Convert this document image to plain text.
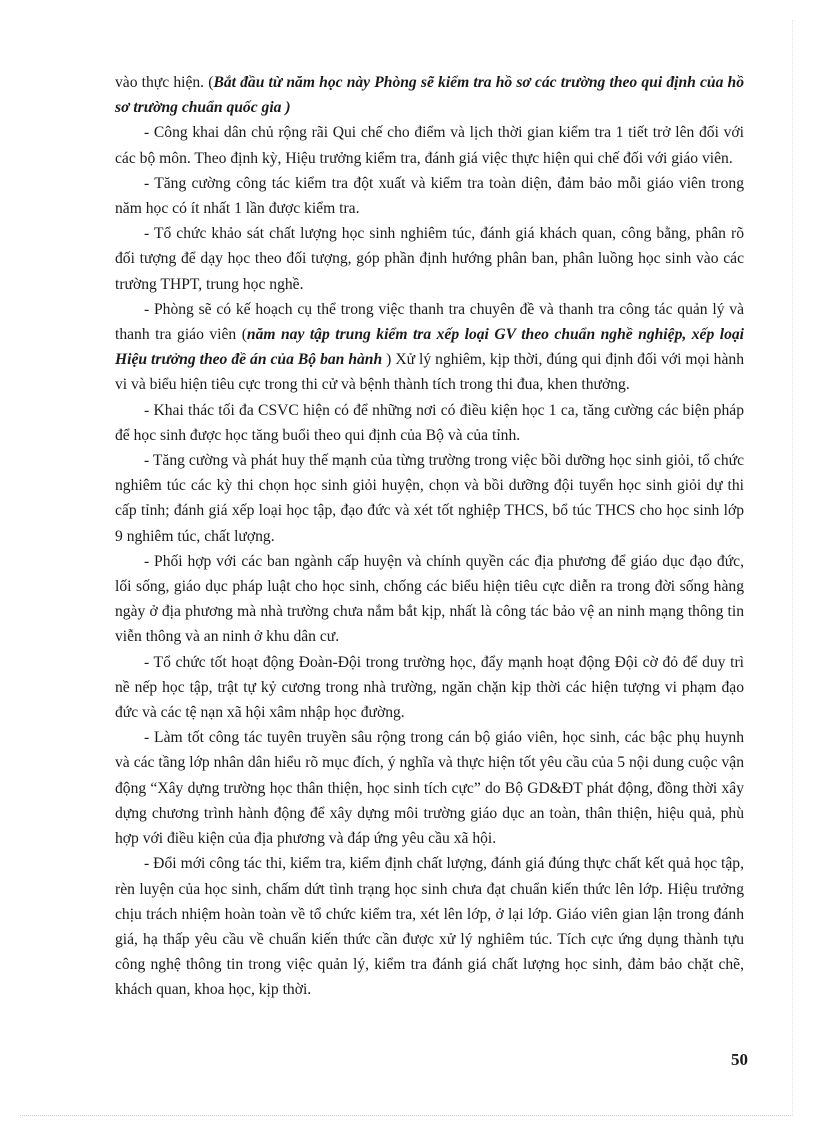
vào thực hiện. (Bắt đầu từ năm học này Phòng sẽ kiểm tra hồ sơ các trường theo qui định của hồ sơ trường chuẩn quốc gia )

- Công khai dân chủ rộng rãi Qui chế cho điểm và lịch thời gian kiểm tra 1 tiết trở lên đối với các bộ môn. Theo định kỳ, Hiệu trưởng kiểm tra, đánh giá việc thực hiện qui chế đối với giáo viên.

- Tăng cường công tác kiểm tra đột xuất và kiểm tra toàn diện, đảm bảo mỗi giáo viên trong năm học có ít nhất 1 lần được kiểm tra.

- Tổ chức khảo sát chất lượng học sinh nghiêm túc, đánh giá khách quan, công bằng, phân rõ đối tượng để dạy học theo đối tượng, góp phần định hướng phân ban, phân luồng học sinh vào các trường THPT, trung học nghề.

- Phòng sẽ có kế hoạch cụ thể trong việc thanh tra chuyên đề và thanh tra công tác quản lý và thanh tra giáo viên (năm nay tập trung kiểm tra xếp loại GV theo chuẩn nghề nghiệp, xếp loại Hiệu trưởng theo đề án của Bộ ban hành ) Xử lý nghiêm, kịp thời, đúng qui định đối với mọi hành vi và biểu hiện tiêu cực trong thi cử và bệnh thành tích trong thi đua, khen thưởng.

- Khai thác tối đa CSVC hiện có để những nơi có điều kiện học 1 ca, tăng cường các biện pháp để học sinh được học tăng buổi theo qui định của Bộ và của tỉnh.

- Tăng cường và phát huy thế mạnh của từng trường trong việc bồi dưỡng học sinh giỏi, tổ chức nghiêm túc các kỳ thi chọn học sinh giỏi huyện, chọn và bồi dưỡng đội tuyển học sinh giỏi dự thi cấp tỉnh; đánh giá xếp loại học tập, đạo đức và xét tốt nghiệp THCS, bổ túc THCS cho học sinh lớp 9 nghiêm túc, chất lượng.

- Phối hợp với các ban ngành cấp huyện và chính quyền các địa phương để giáo dục đạo đức, lối sống, giáo dục pháp luật cho học sinh, chống các biểu hiện tiêu cực diễn ra trong đời sống hàng ngày ở địa phương mà nhà trường chưa nắm bắt kịp, nhất là công tác bảo vệ an ninh mạng thông tin viễn thông và an ninh ở khu dân cư.

- Tổ chức tốt hoạt động Đoàn-Đội trong trường học, đẩy mạnh hoạt động Đội cờ đỏ để duy trì nề nếp học tập, trật tự kỷ cương trong nhà trường, ngăn chặn kịp thời các hiện tượng vi phạm đạo đức và các tệ nạn xã hội xâm nhập học đường.

- Làm tốt công tác tuyên truyền sâu rộng trong cán bộ giáo viên, học sinh, các bậc phụ huynh và các tầng lớp nhân dân hiểu rõ mục đích, ý nghĩa và thực hiện tốt yêu cầu của 5 nội dung cuộc vận động “Xây dựng trường học thân thiện, học sinh tích cực” do Bộ GD&ĐT phát động, đồng thời xây dựng chương trình hành động để xây dựng môi trường giáo dục an toàn, thân thiện, hiệu quả, phù hợp với điều kiện của địa phương và đáp ứng yêu cầu xã hội.

- Đổi mới công tác thi, kiểm tra, kiểm định chất lượng, đánh giá đúng thực chất kết quả học tập, rèn luyện của học sinh, chấm dứt tình trạng học sinh chưa đạt chuẩn kiến thức lên lớp. Hiệu trưởng chịu trách nhiệm hoàn toàn về tổ chức kiểm tra, xét lên lớp, ở lại lớp. Giáo viên gian lận trong đánh giá, hạ thấp yêu cầu về chuẩn kiến thức cần được xử lý nghiêm túc. Tích cực ứng dụng thành tựu công nghệ thông tin trong việc quản lý, kiểm tra đánh giá chất lượng học sinh, đảm bảo chặt chẽ, khách quan, khoa học, kịp thời.

50
